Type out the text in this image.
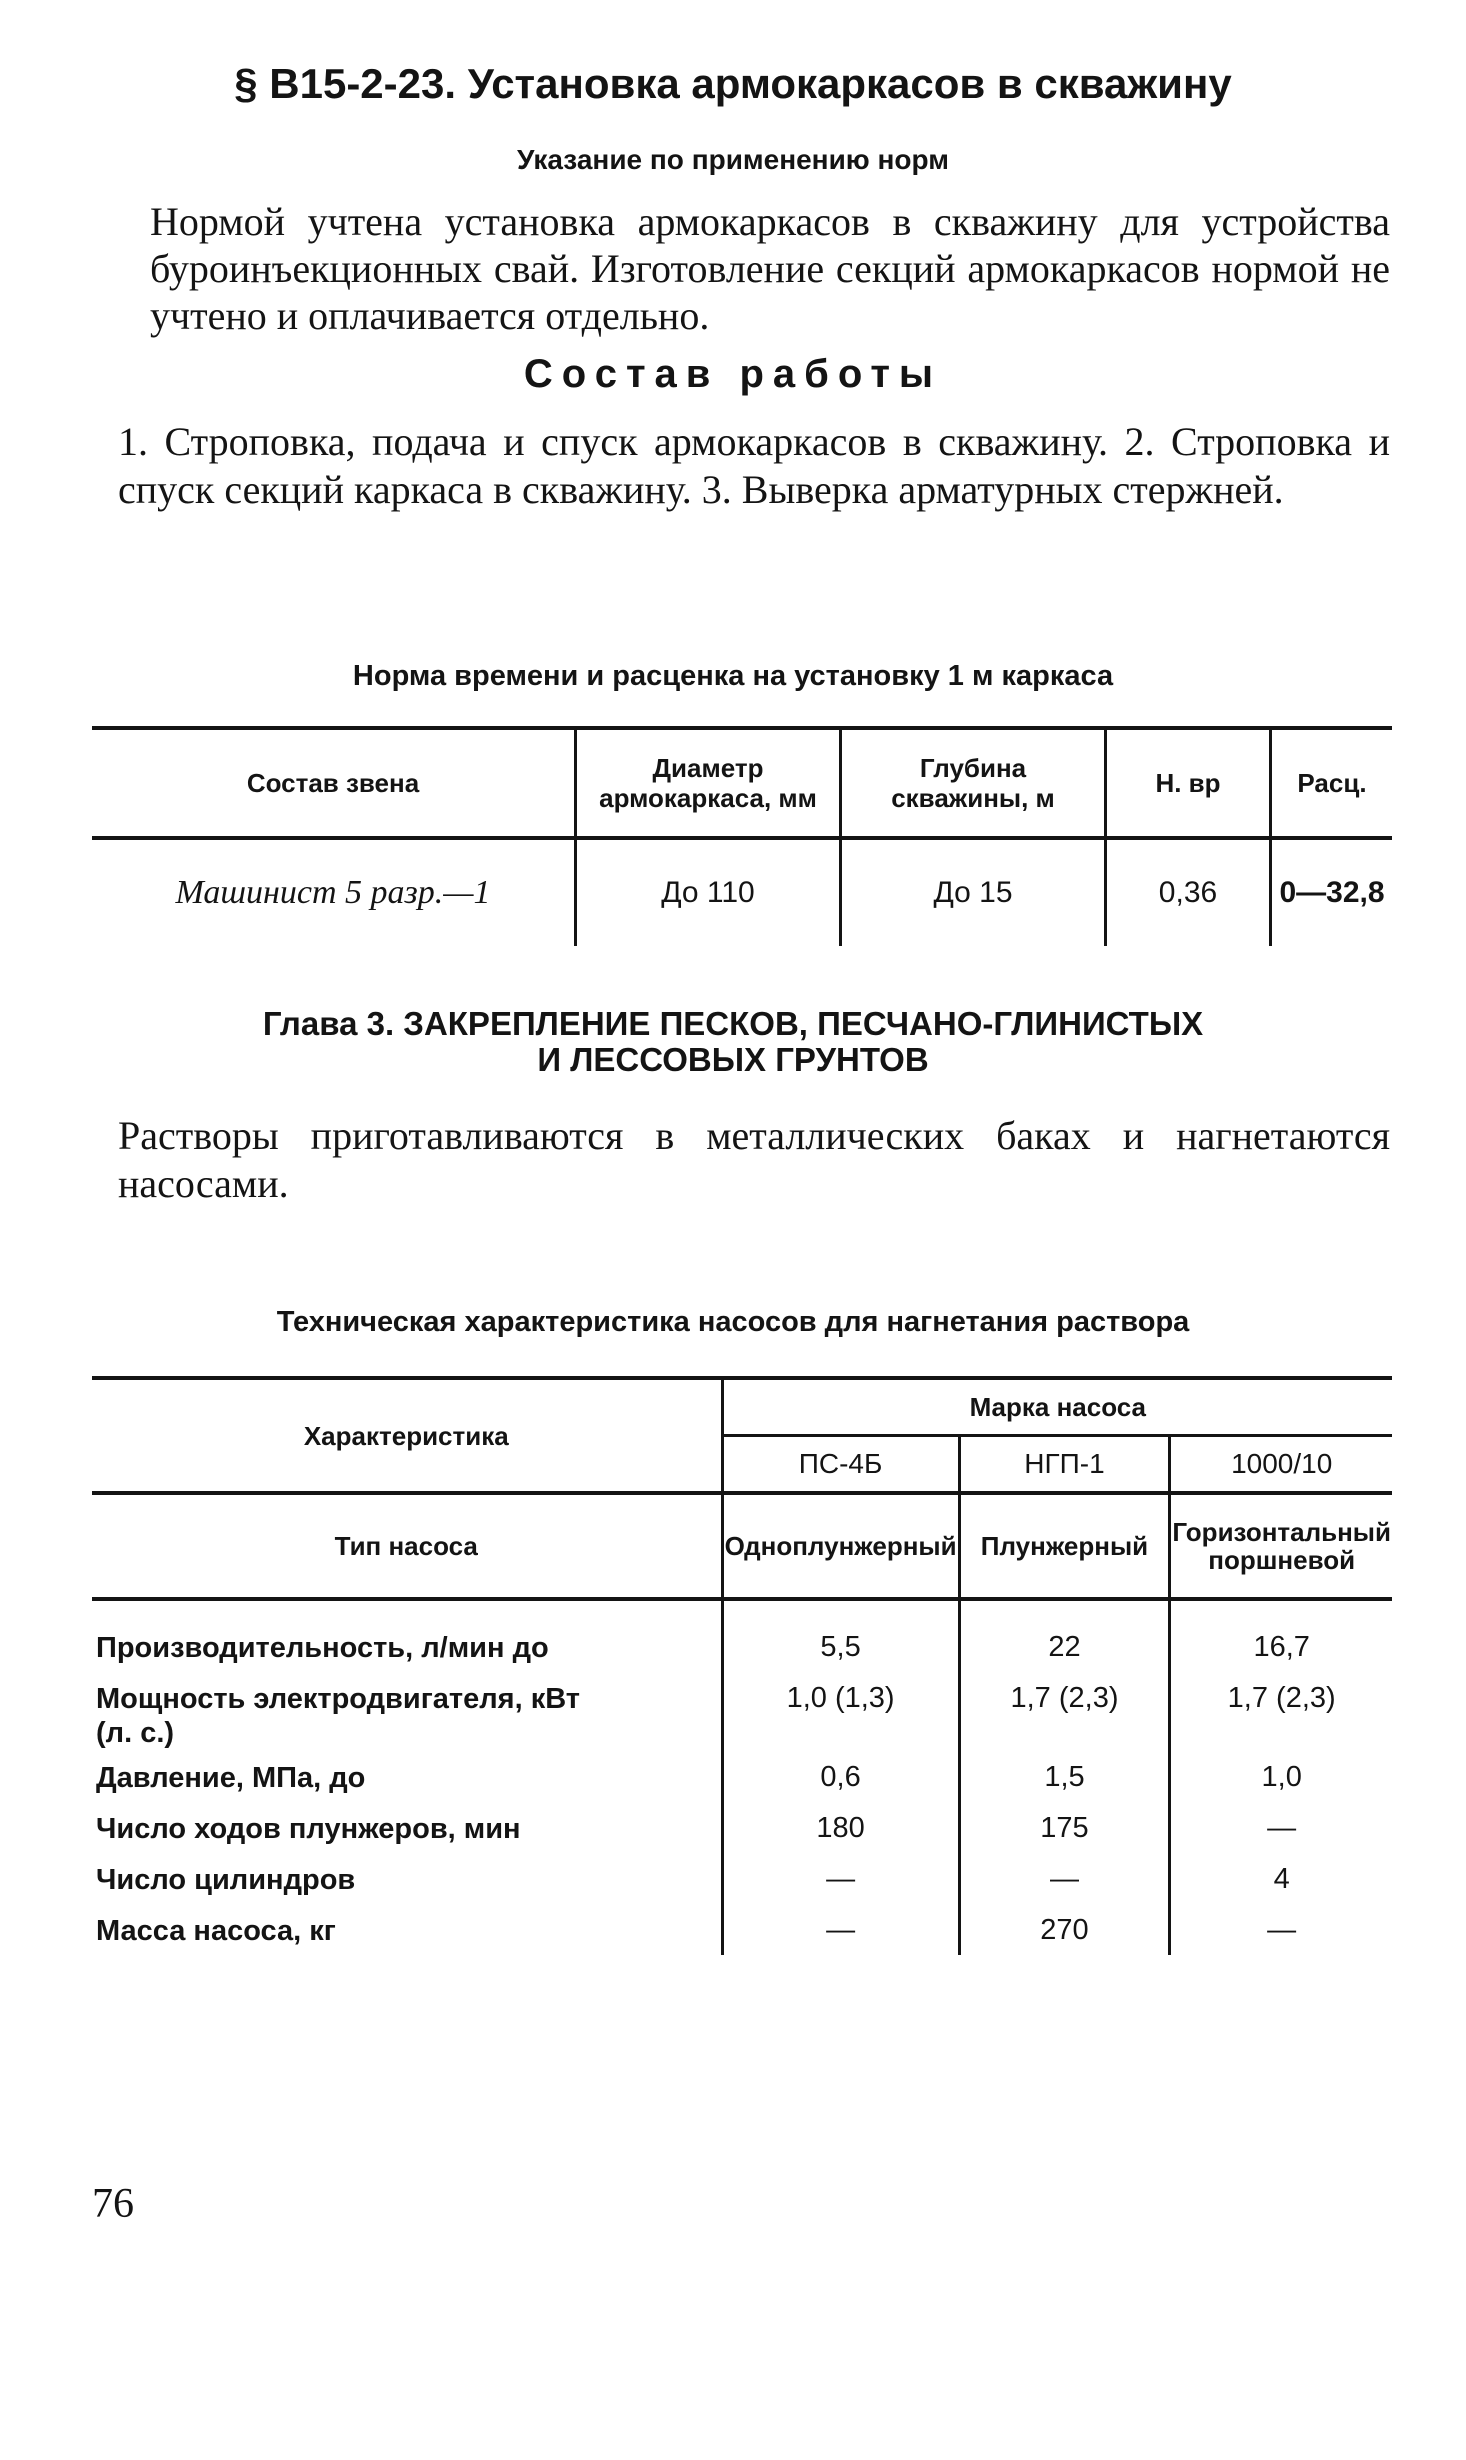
§ В15-2-23. Установка армокаркасов в скважину
Указание по применению норм
Нормой учтена установка армокаркасов в скважину для устройства буроинъекционных свай. Изготовление секций армокаркасов нормой не учтено и оплачивается отдельно.
Состав работы
1. Строповка, подача и спуск армокаркасов в скважину. 2. Строповка и спуск секций каркаса в скважину. 3. Выверка арматурных стержней.
Норма времени и расценка на установку 1 м каркаса
Состав звена	Диаметр армокаркаса, мм	Глубина скважины, м	Н. вр	Расц.
Машинист 5 разр.—1	До 110	До 15	0,36	0—32,8
Глава 3. ЗАКРЕПЛЕНИЕ ПЕСКОВ, ПЕСЧАНО-ГЛИНИСТЫХ
И ЛЕССОВЫХ ГРУНТОВ
Растворы приготавливаются в металлических баках и нагнетаются насосами.
Техническая характеристика насосов для нагнетания раствора
Характеристика	Марка насоса		
	ПС-4Б	НГП-1	1000/10
Тип насоса	Одноплунжерный	Плунжерный	Горизонтальный поршневой
Производительность, л/мин до	5,5	22	16,7
Мощность электродвигателя, кВт (л. с.)	1,0 (1,3)	1,7 (2,3)	1,7 (2,3)
Давление, МПа, до	0,6	1,5	1,0
Число ходов плунжеров, мин	180	175	—
Число цилиндров	—	—	4
Масса насоса, кг	—	270	—
76
